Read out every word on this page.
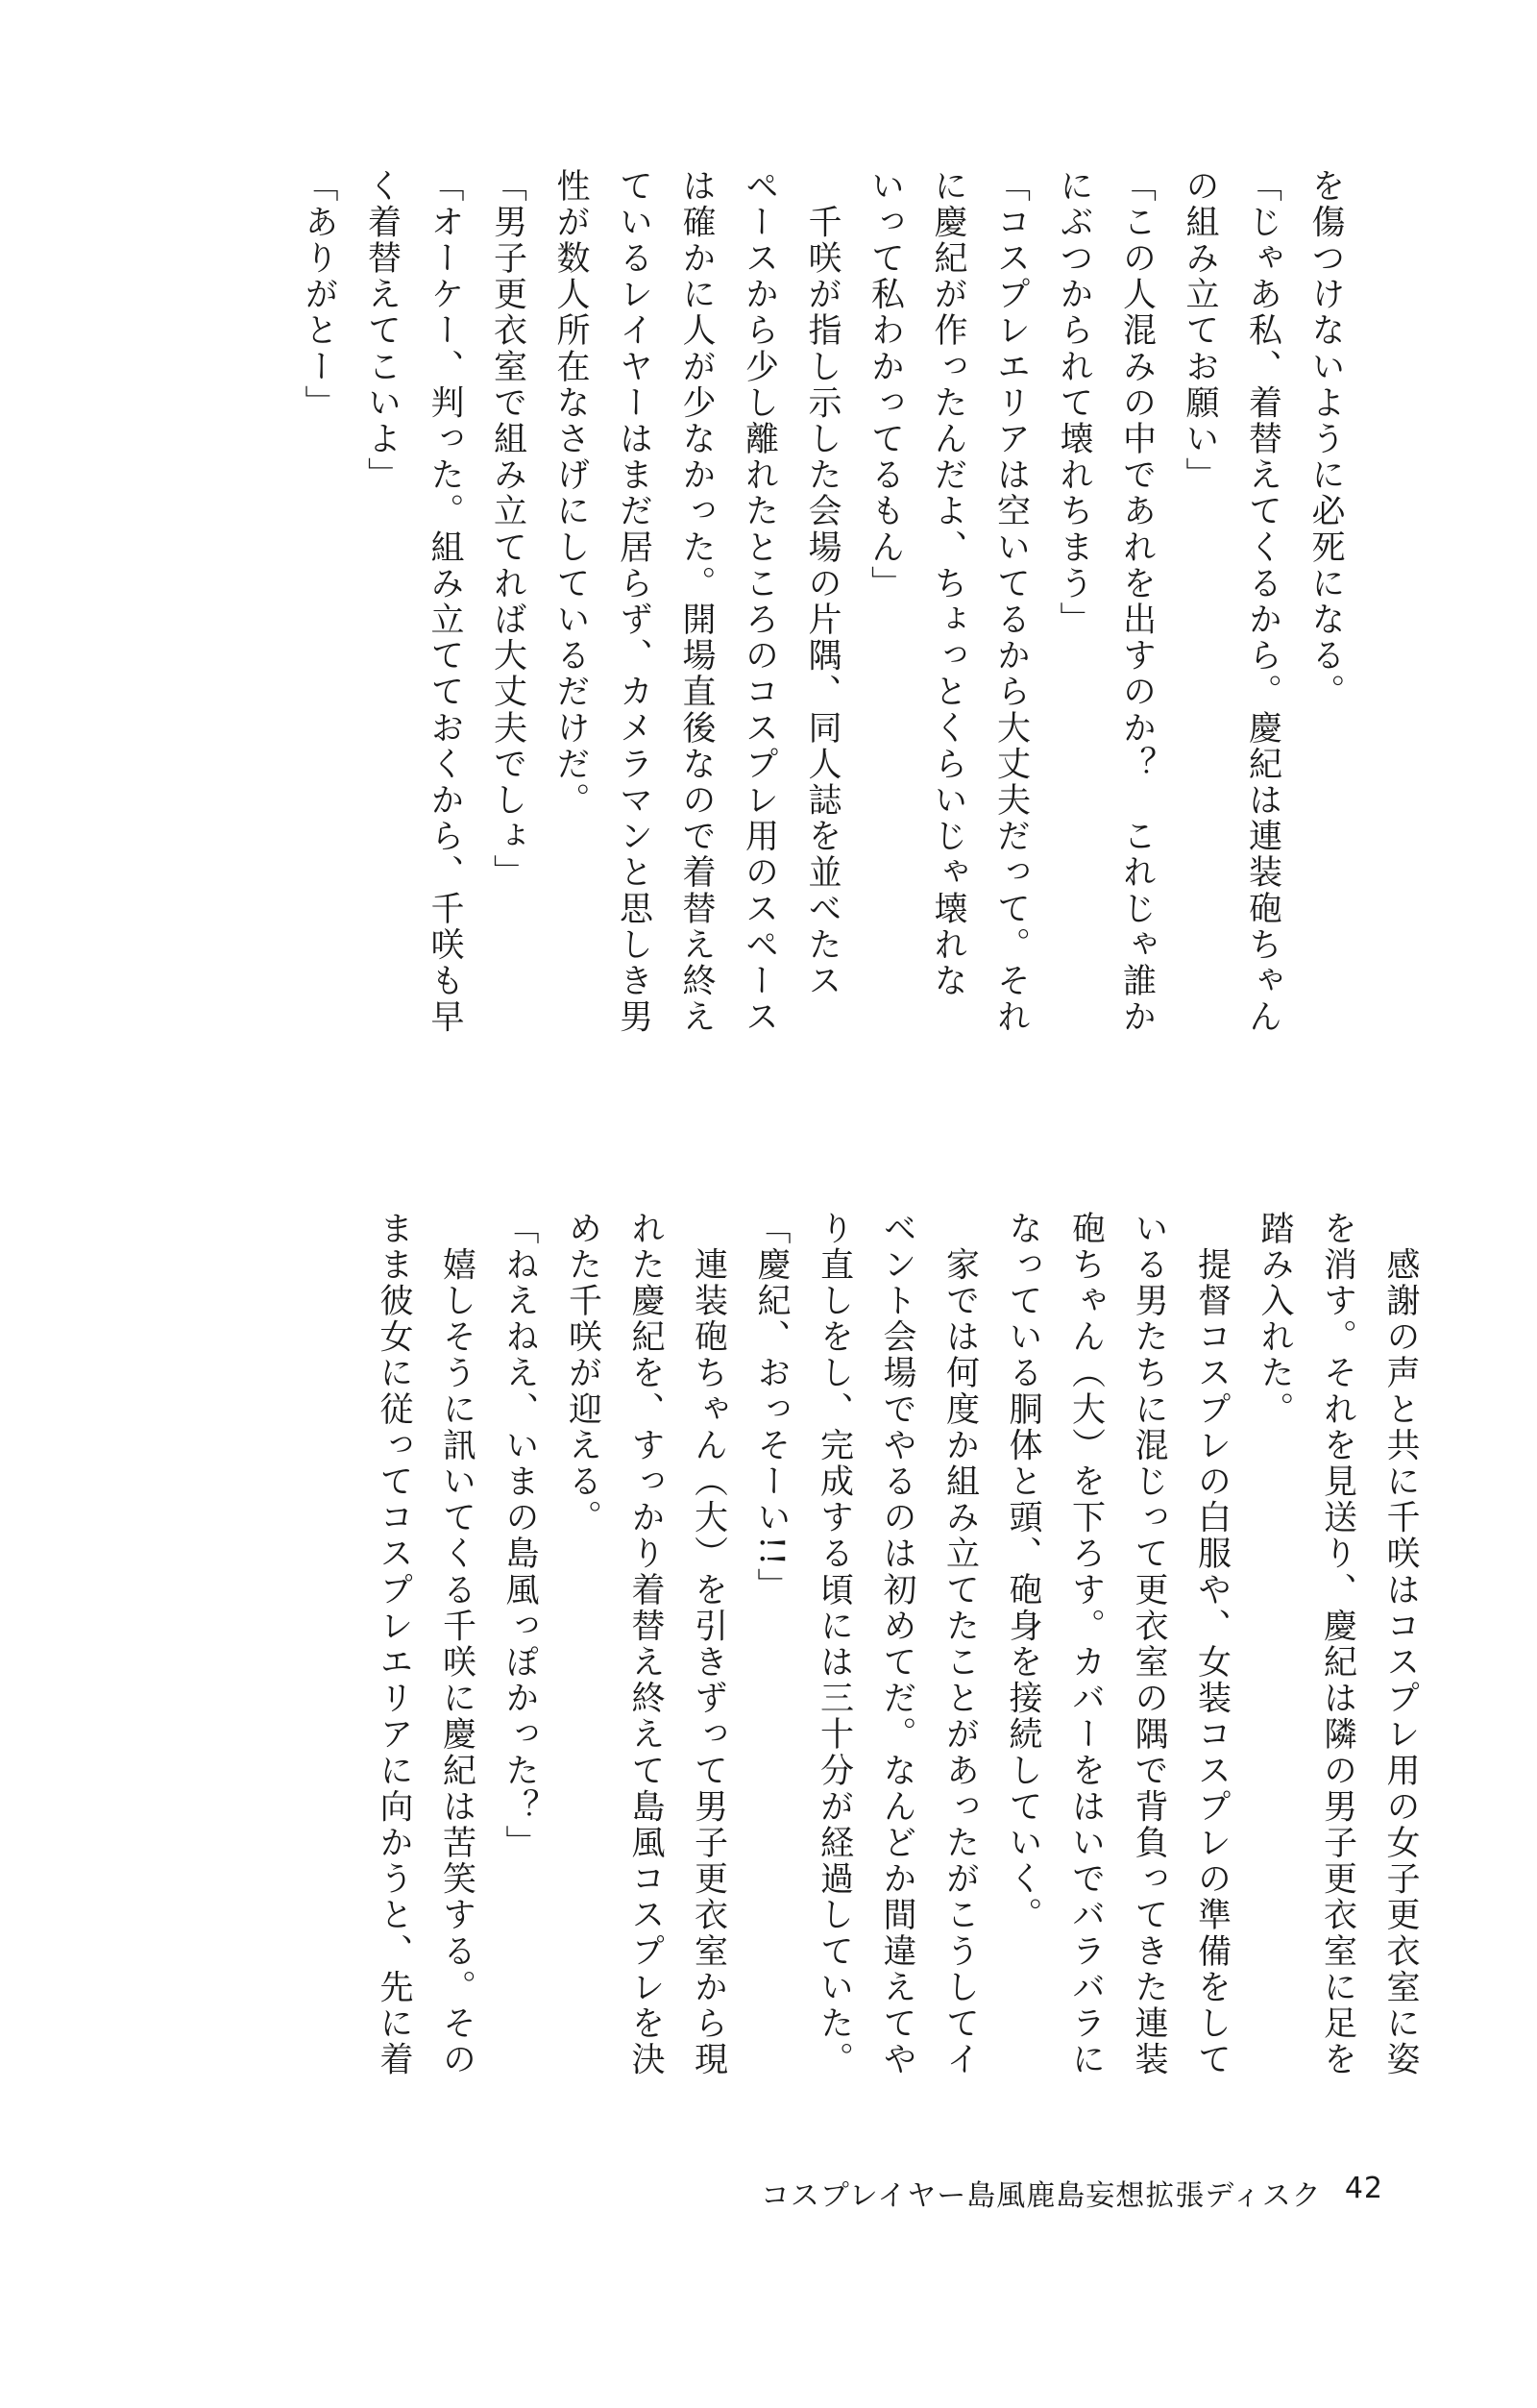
を傷つけないように必死になる。
「じゃあ私、着替えてくるから。慶紀は連装砲ちゃん
の組み立てお願い」
「この人混みの中であれを出すのか？　これじゃ誰か
にぶつかられて壊れちまう」
「コスプレエリアは空いてるから大丈夫だって。それ
に慶紀が作ったんだよ、ちょっとくらいじゃ壊れな
いって私わかってるもん」
　千咲が指し示した会場の片隅、同人誌を並べたス
ペースから少し離れたところのコスプレ用のスペース
は確かに人が少なかった。開場直後なので着替え終え
ているレイヤーはまだ居らず、カメラマンと思しき男
性が数人所在なさげにしているだけだ。
「男子更衣室で組み立てれば大丈夫でしょ」
「オーケー、判った。組み立てておくから、千咲も早
く着替えてこいよ」
「ありがとー」
　感謝の声と共に千咲はコスプレ用の女子更衣室に姿
を消す。それを見送り、慶紀は隣の男子更衣室に足を
踏み入れた。
　提督コスプレの白服や、女装コスプレの準備をして
いる男たちに混じって更衣室の隅で背負ってきた連装
砲ちゃん（大）を下ろす。カバーをはいでバラバラに
なっている胴体と頭、砲身を接続していく。
　家では何度か組み立てたことがあったがこうしてイ
ベント会場でやるのは初めてだ。なんどか間違えてや
り直しをし、完成する頃には三十分が経過していた。
「慶紀、おっそーい!!」
　連装砲ちゃん（大）を引きずって男子更衣室から現
れた慶紀を、すっかり着替え終えて島風コスプレを決
めた千咲が迎える。
「ねえねえ、いまの島風っぽかった？」
　嬉しそうに訊いてくる千咲に慶紀は苦笑する。その
まま彼女に従ってコスプレエリアに向かうと、先に着
コスプレイヤー島風鹿島妄想拡張ディスク 42
